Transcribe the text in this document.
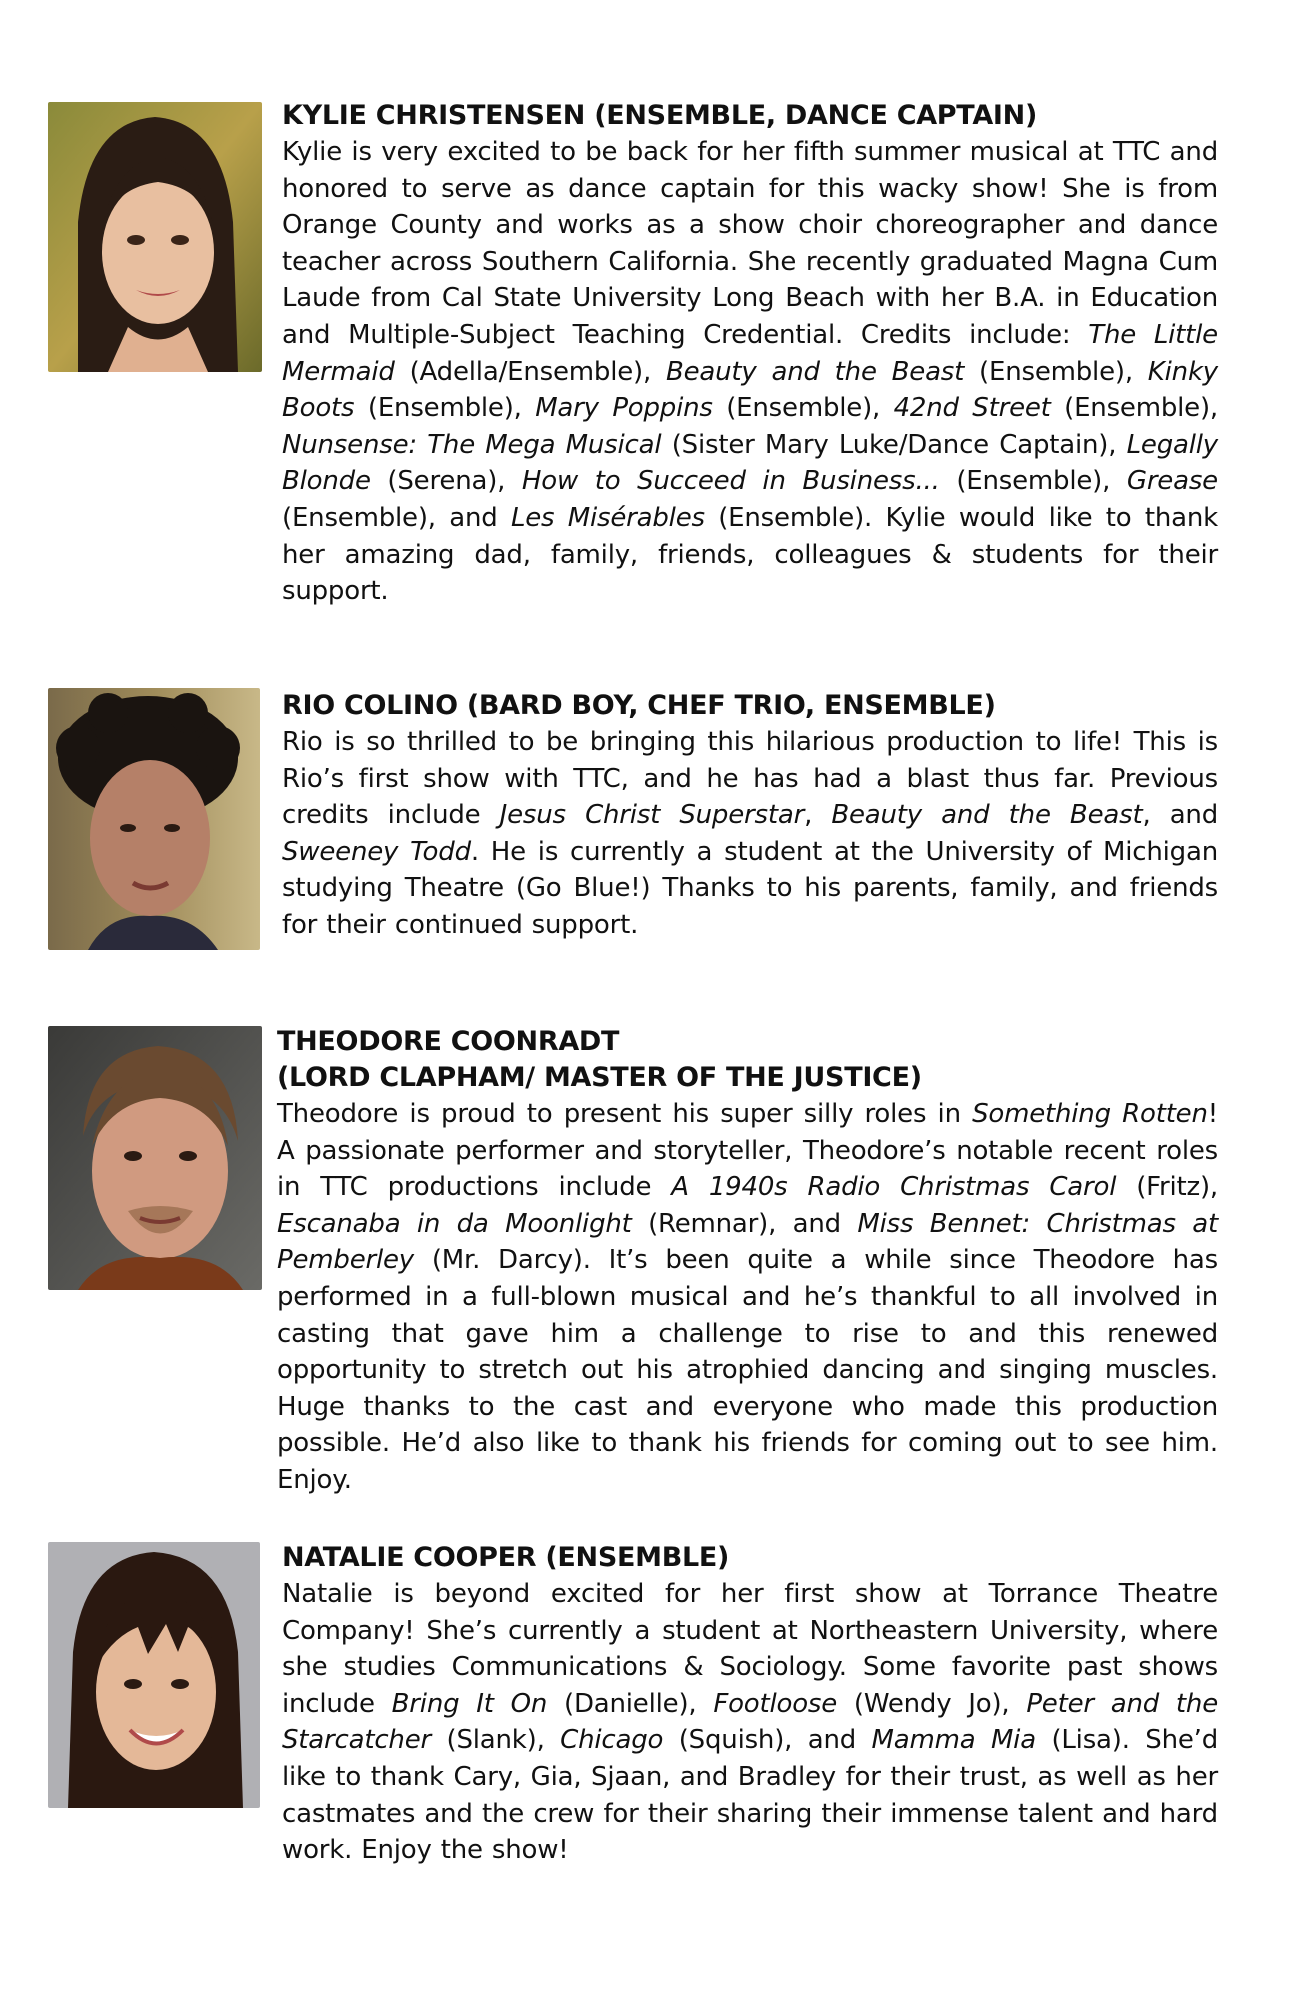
KYLIE CHRISTENSEN (ENSEMBLE, DANCE CAPTAIN)
Kylie is very excited to be back for her fifth summer musical at TTC and honored to serve as dance captain for this wacky show! She is from Orange County and works as a show choir choreographer and dance teacher across Southern California. She recently graduated Magna Cum Laude from Cal State University Long Beach with her B.A. in Education and Multiple-Subject Teaching Credential. Credits include: The Little Mermaid (Adella/Ensemble), Beauty and the Beast (Ensemble), Kinky Boots (Ensemble), Mary Poppins (Ensemble), 42nd Street (Ensemble), Nunsense: The Mega Musical (Sister Mary Luke/Dance Captain), Legally Blonde (Serena), How to Succeed in Business... (Ensemble), Grease (Ensemble), and Les Misérables (Ensemble). Kylie would like to thank her amazing dad, family, friends, colleagues & students for their support.
RIO COLINO (BARD BOY, CHEF TRIO, ENSEMBLE)
Rio is so thrilled to be bringing this hilarious production to life! This is Rio’s first show with TTC, and he has had a blast thus far. Previous credits include Jesus Christ Superstar, Beauty and the Beast, and Sweeney Todd. He is currently a student at the University of Michigan studying Theatre (Go Blue!) Thanks to his parents, family, and friends for their continued support.
THEODORE COONRADT
(LORD CLAPHAM/ MASTER OF THE JUSTICE)
Theodore is proud to present his super silly roles in Something Rotten! A passionate performer and storyteller, Theodore’s notable recent roles in TTC productions include A 1940s Radio Christmas Carol (Fritz), Escanaba in da Moonlight (Remnar), and Miss Bennet: Christmas at Pemberley (Mr. Darcy). It’s been quite a while since Theodore has performed in a full-blown musical and he’s thankful to all involved in casting that gave him a challenge to rise to and this renewed opportunity to stretch out his atrophied dancing and singing muscles. Huge thanks to the cast and everyone who made this production possible. He’d also like to thank his friends for coming out to see him. Enjoy.
NATALIE COOPER (ENSEMBLE)
Natalie is beyond excited for her first show at Torrance Theatre Company! She’s currently a student at Northeastern University, where she studies Communications & Sociology. Some favorite past shows include Bring It On (Danielle), Footloose (Wendy Jo), Peter and the Starcatcher (Slank), Chicago (Squish), and Mamma Mia (Lisa). She’d like to thank Cary, Gia, Sjaan, and Bradley for their trust, as well as her castmates and the crew for their sharing their immense talent and hard work. Enjoy the show!
